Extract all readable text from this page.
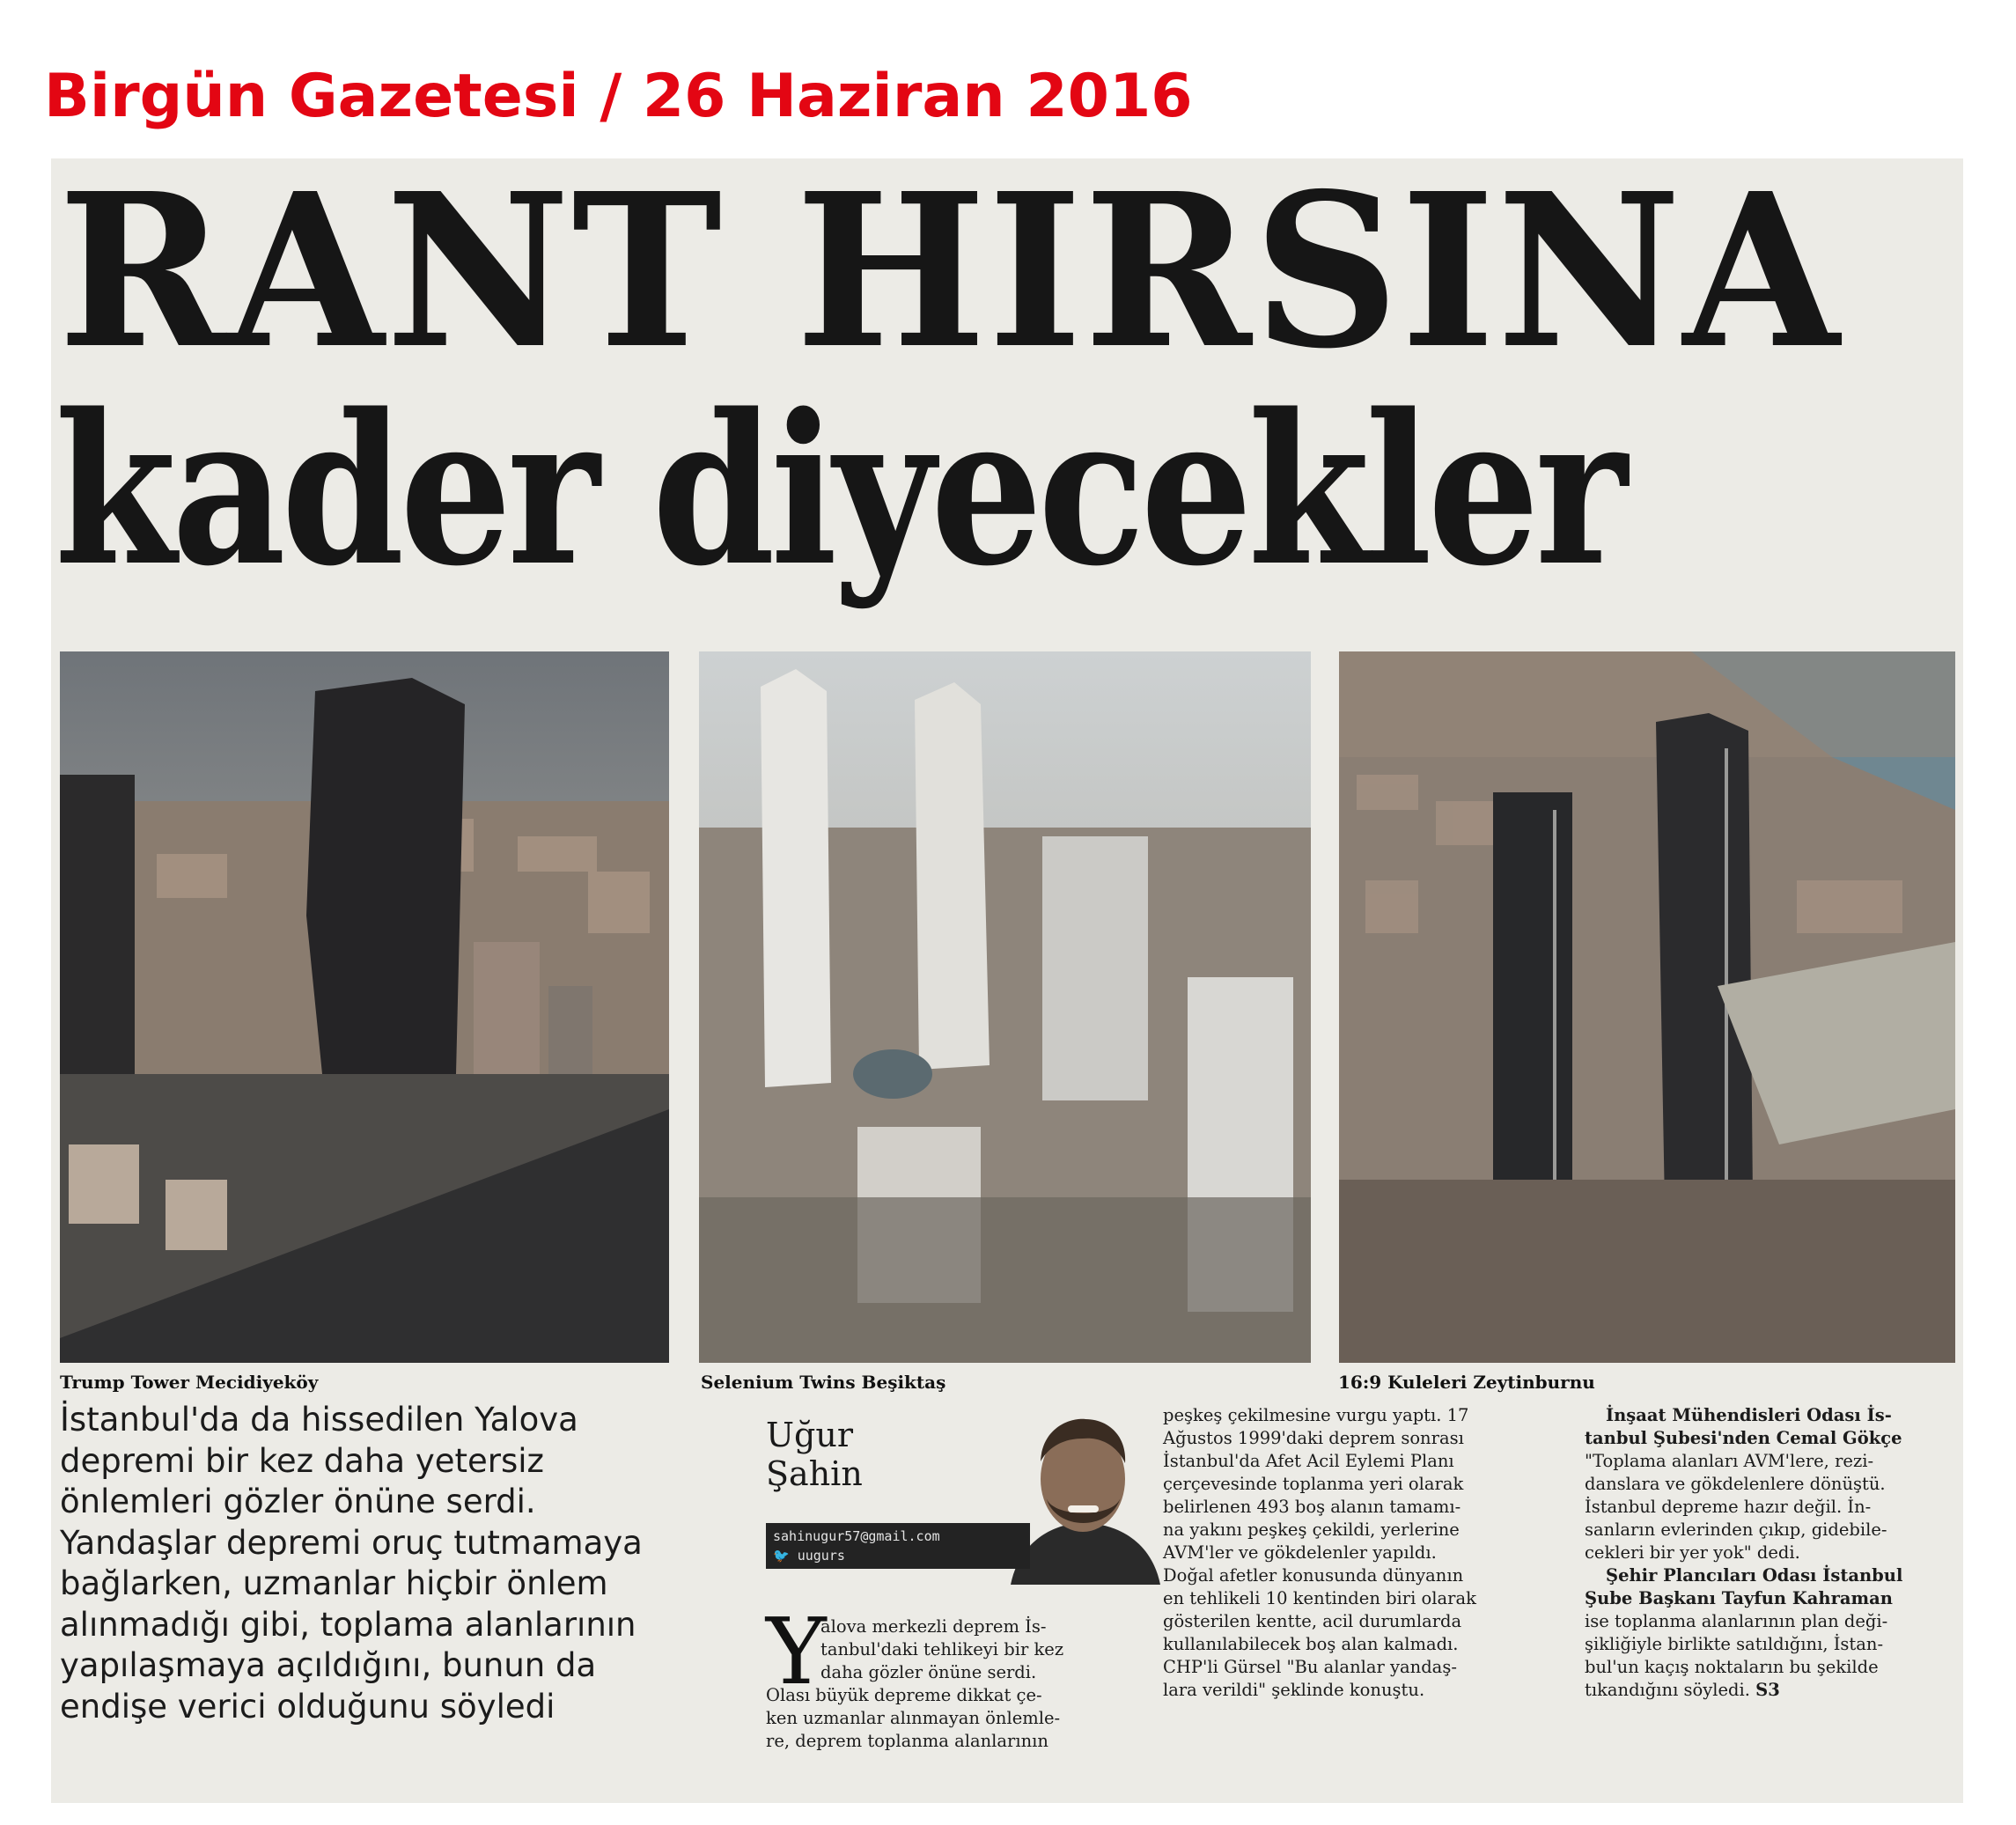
Birgün Gazetesi / 26 Haziran 2016
RANT HIRSINA
kader diyecekler
Trump Tower Mecidiyeköy	Selenium Twins Beşiktaş	16:9 Kuleleri Zeytinburnu

İstanbul'da da hissedilen Yalova

depremi bir kez daha yetersiz

önlemleri gözler önüne serdi.

Yandaşlar depremi oruç tutmamaya

bağlarken, uzmanlar hiçbir önlem

alınmadığı gibi, toplama alanlarının

yapılaşmaya açıldığını, bunun da

endişe verici olduğunu söyledi

Uğur
Şahin
sahinugur57@gmail.com
🐦 uugurs
Y

alova merkezli deprem İs-

tanbul'daki tehlikeyi bir kez

daha gözler önüne serdi.

Olası büyük depreme dikkat çe-

ken uzmanlar alınmayan önlemle-

re, deprem toplanma alanlarının

peşkeş çekilmesine vurgu yaptı. 17

Ağustos 1999'daki deprem sonrası

İstanbul'da Afet Acil Eylemi Planı

çerçevesinde toplanma yeri olarak

belirlenen 493 boş alanın tamamı-

na yakını peşkeş çekildi, yerlerine

AVM'ler ve gökdelenler yapıldı.

Doğal afetler konusunda dünyanın

en tehlikeli 10 kentinden biri olarak

gösterilen kentte, acil durumlarda

kullanılabilecek boş alan kalmadı.

CHP'li Gürsel "Bu alanlar yandaş-

lara verildi" şeklinde konuştu.

İnşaat Mühendisleri Odası İs-

tanbul Şubesi'nden Cemal Gökçe

"Toplama alanları AVM'lere, rezi-

danslara ve gökdelenlere dönüştü.

İstanbul depreme hazır değil. İn-

sanların evlerinden çıkıp, gidebile-

cekleri bir yer yok" dedi.

Şehir Plancıları Odası İstanbul

Şube Başkanı Tayfun Kahraman

ise toplanma alanlarının plan deği-

şikliğiyle birlikte satıldığını, İstan-

bul'un kaçış noktaların bu şekilde

tıkandığını söyledi. S3
